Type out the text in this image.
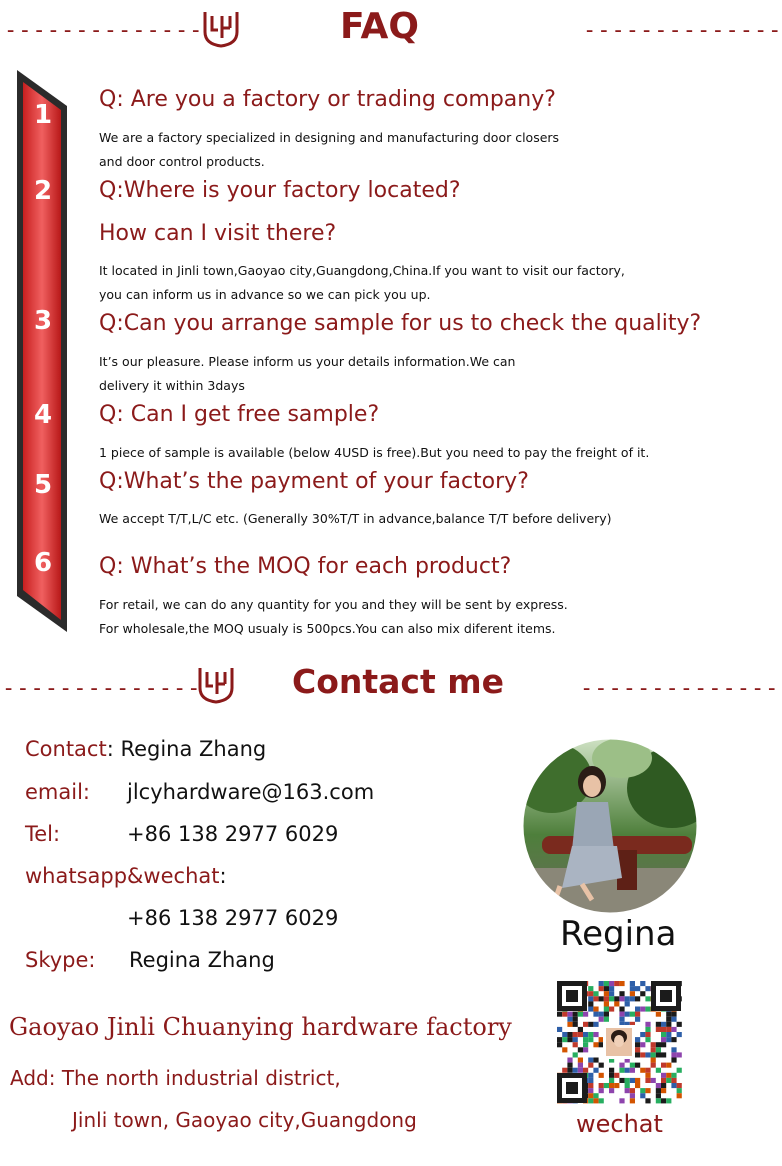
--------------	FAQ	--------------
1
2
3
4
5
6
Q: Are you a factory or trading company?
We are a factory specialized in designing and manufacturing door closers
and door control products.
Q:Where is your factory located?
How can I visit there?
It located in Jinli town,Gaoyao city,Guangdong,China.If you want to visit our factory,
you can inform us in advance so we can pick you up.
Q:Can you arrange sample for us to check the quality?
It’s our pleasure. Please inform us your details information.We can
delivery it within 3days
Q: Can I get free sample?
1 piece of sample is available (below 4USD is free).But you need to pay the freight of it.
Q:What’s the payment of your factory?
We accept T/T,L/C etc. (Generally 30%T/T in advance,balance T/T before delivery)
Q: What’s the MOQ for each product?
For retail, we can do any quantity for you and they will be sent by express.
For wholesale,the MOQ usualy is 500pcs.You can also mix diferent items.
--------------	Contact me	--------------
Contact: Regina Zhang
email: jlcyhardware@163.com
Tel:	+86 138 2977 6029
whatsapp&wechat:
+86 138 2977 6029
Skype: Regina Zhang
Regina
Gaoyao Jinli Chuanying hardware factory
Add: The north industrial district,
Jinli town, Gaoyao city,Guangdong	wechat
